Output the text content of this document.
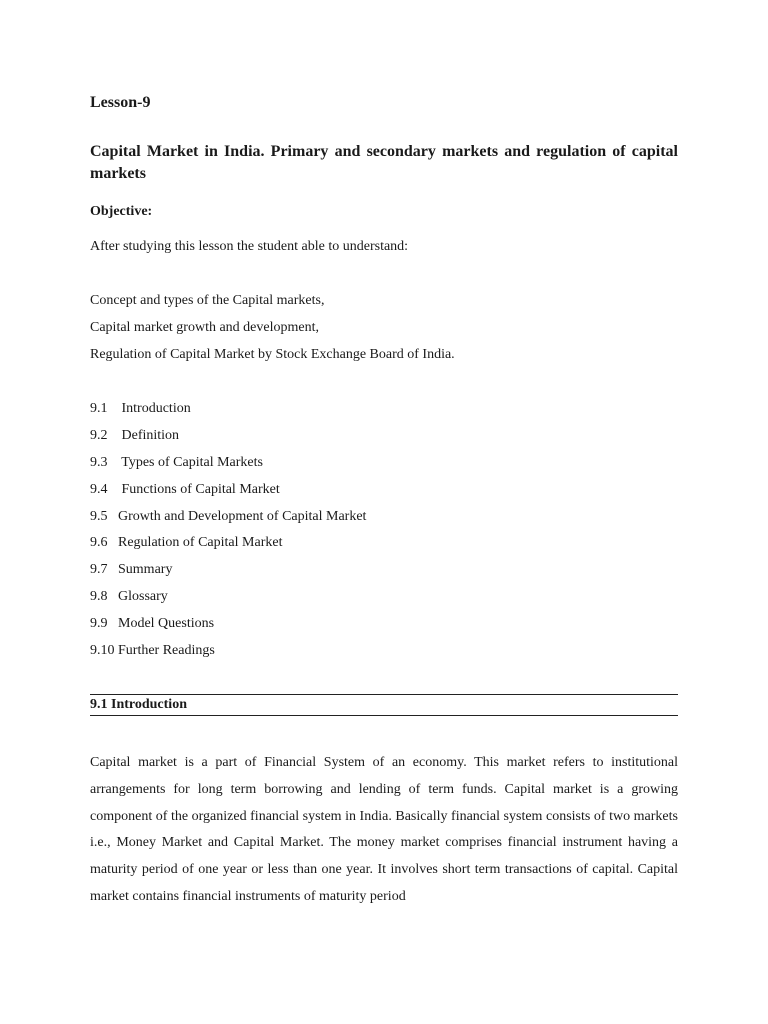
Lesson-9
Capital Market in India. Primary and secondary markets and regulation of capital markets
Objective:
After studying this lesson the student able to understand:
Concept and types of the Capital markets,
Capital market growth and development,
Regulation of Capital Market by Stock Exchange Board of India.
9.1    Introduction
9.2    Definition
9.3    Types of Capital Markets
9.4    Functions of Capital Market
9.5   Growth and Development of Capital Market
9.6   Regulation of Capital Market
9.7   Summary
9.8   Glossary
9.9   Model Questions
9.10 Further Readings
9.1 Introduction

Capital market is a part of Financial System of an economy. This market refers to institutional arrangements for long term borrowing and lending of term funds. Capital market is a growing component of the organized financial system in India. Basically financial system consists of two markets i.e., Money Market and Capital Market. The money market comprises financial instrument having a maturity period of one year or less than one year. It involves short term transactions of capital. Capital market contains financial instruments of maturity period
